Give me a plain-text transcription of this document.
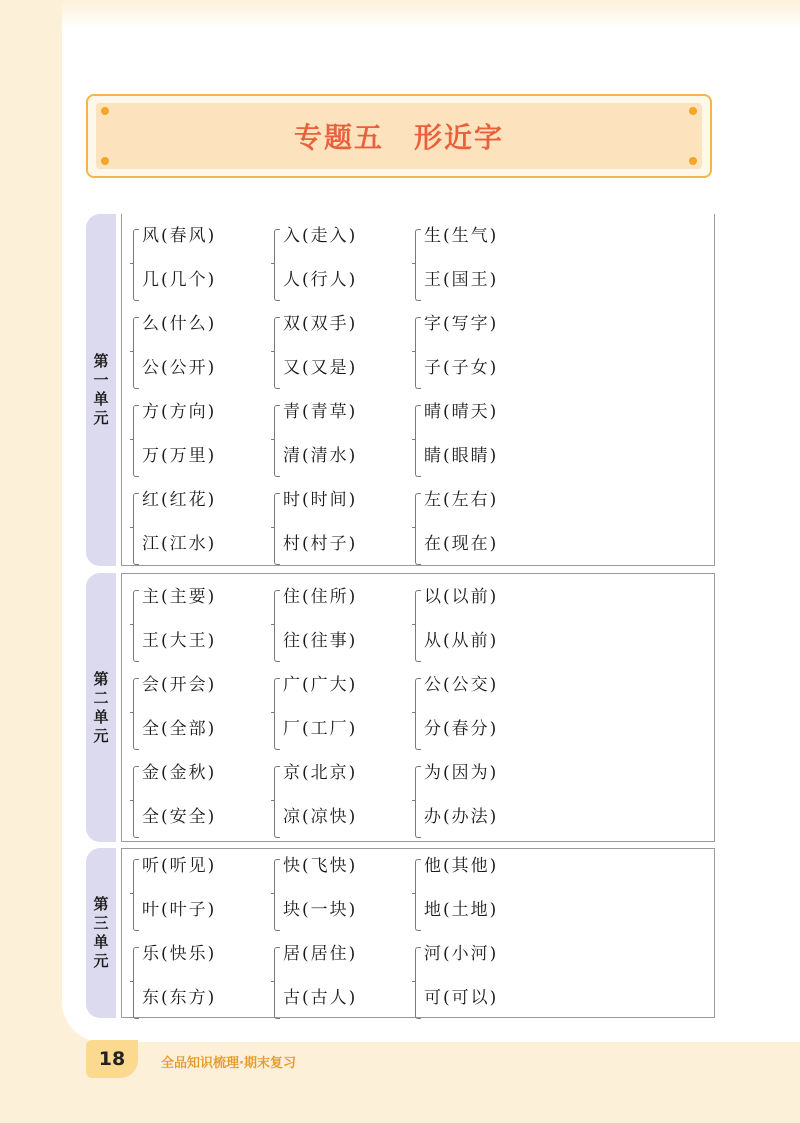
专题五　形近字
第一单元
风(春风)
几(几个)
么(什么)
公(公开)
方(方向)
万(万里)
红(红花)
江(江水)
入(走入)
人(行人)
双(双手)
又(又是)
青(青草)
清(清水)
时(时间)
村(村子)
生(生气)
王(国王)
字(写字)
子(子女)
晴(晴天)
睛(眼睛)
左(左右)
在(现在)
第二单元
主(主要)
王(大王)
会(开会)
全(全部)
金(金秋)
全(安全)
住(住所)
往(往事)
广(广大)
厂(工厂)
京(北京)
凉(凉快)
以(以前)
从(从前)
公(公交)
分(春分)
为(因为)
办(办法)
第三单元
听(听见)
叶(叶子)
乐(快乐)
东(东方)
快(飞快)
块(一块)
居(居住)
古(古人)
他(其他)
地(土地)
河(小河)
可(可以)
18	全品知识梳理·期末复习
